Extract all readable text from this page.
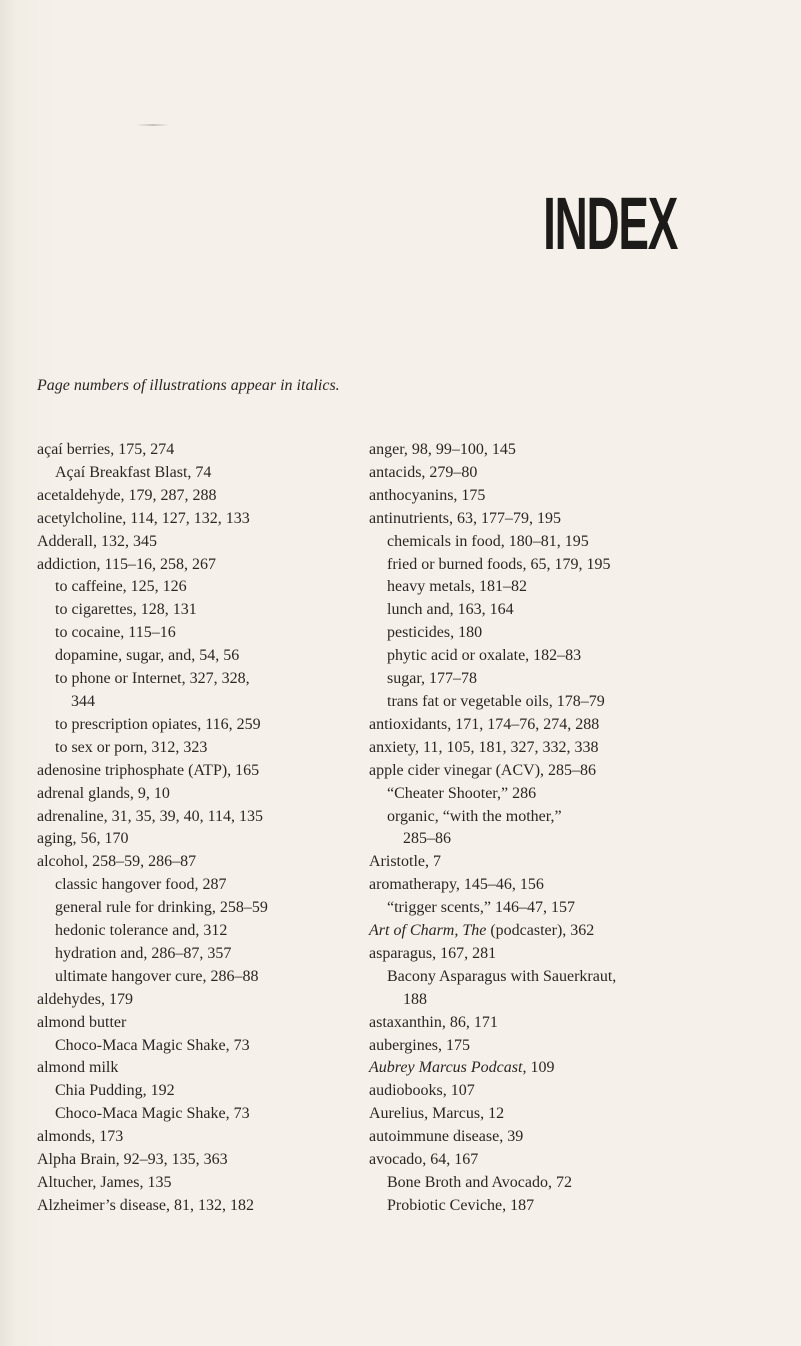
INDEX

Page numbers of illustrations appear in italics.

açaí berries, 175, 274
Açaí Breakfast Blast, 74
acetaldehyde, 179, 287, 288
acetylcholine, 114, 127, 132, 133
Adderall, 132, 345
addiction, 115–16, 258, 267
to caffeine, 125, 126
to cigarettes, 128, 131
to cocaine, 115–16
dopamine, sugar, and, 54, 56
to phone or Internet, 327, 328,
344
to prescription opiates, 116, 259
to sex or porn, 312, 323
adenosine triphosphate (ATP), 165
adrenal glands, 9, 10
adrenaline, 31, 35, 39, 40, 114, 135
aging, 56, 170
alcohol, 258–59, 286–87
classic hangover food, 287
general rule for drinking, 258–59
hedonic tolerance and, 312
hydration and, 286–87, 357
ultimate hangover cure, 286–88
aldehydes, 179
almond butter
Choco-Maca Magic Shake, 73
almond milk
Chia Pudding, 192
Choco-Maca Magic Shake, 73
almonds, 173
Alpha Brain, 92–93, 135, 363
Altucher, James, 135
Alzheimer’s disease, 81, 132, 182
anger, 98, 99–100, 145
antacids, 279–80
anthocyanins, 175
antinutrients, 63, 177–79, 195
chemicals in food, 180–81, 195
fried or burned foods, 65, 179, 195
heavy metals, 181–82
lunch and, 163, 164
pesticides, 180
phytic acid or oxalate, 182–83
sugar, 177–78
trans fat or vegetable oils, 178–79
antioxidants, 171, 174–76, 274, 288
anxiety, 11, 105, 181, 327, 332, 338
apple cider vinegar (ACV), 285–86
“Cheater Shooter,” 286
organic, “with the mother,”
285–86
Aristotle, 7
aromatherapy, 145–46, 156
“trigger scents,” 146–47, 157
Art of Charm, The (podcaster), 362
asparagus, 167, 281
Bacony Asparagus with Sauerkraut,
188
astaxanthin, 86, 171
aubergines, 175
Aubrey Marcus Podcast, 109
audiobooks, 107
Aurelius, Marcus, 12
autoimmune disease, 39
avocado, 64, 167
Bone Broth and Avocado, 72
Probiotic Ceviche, 187
